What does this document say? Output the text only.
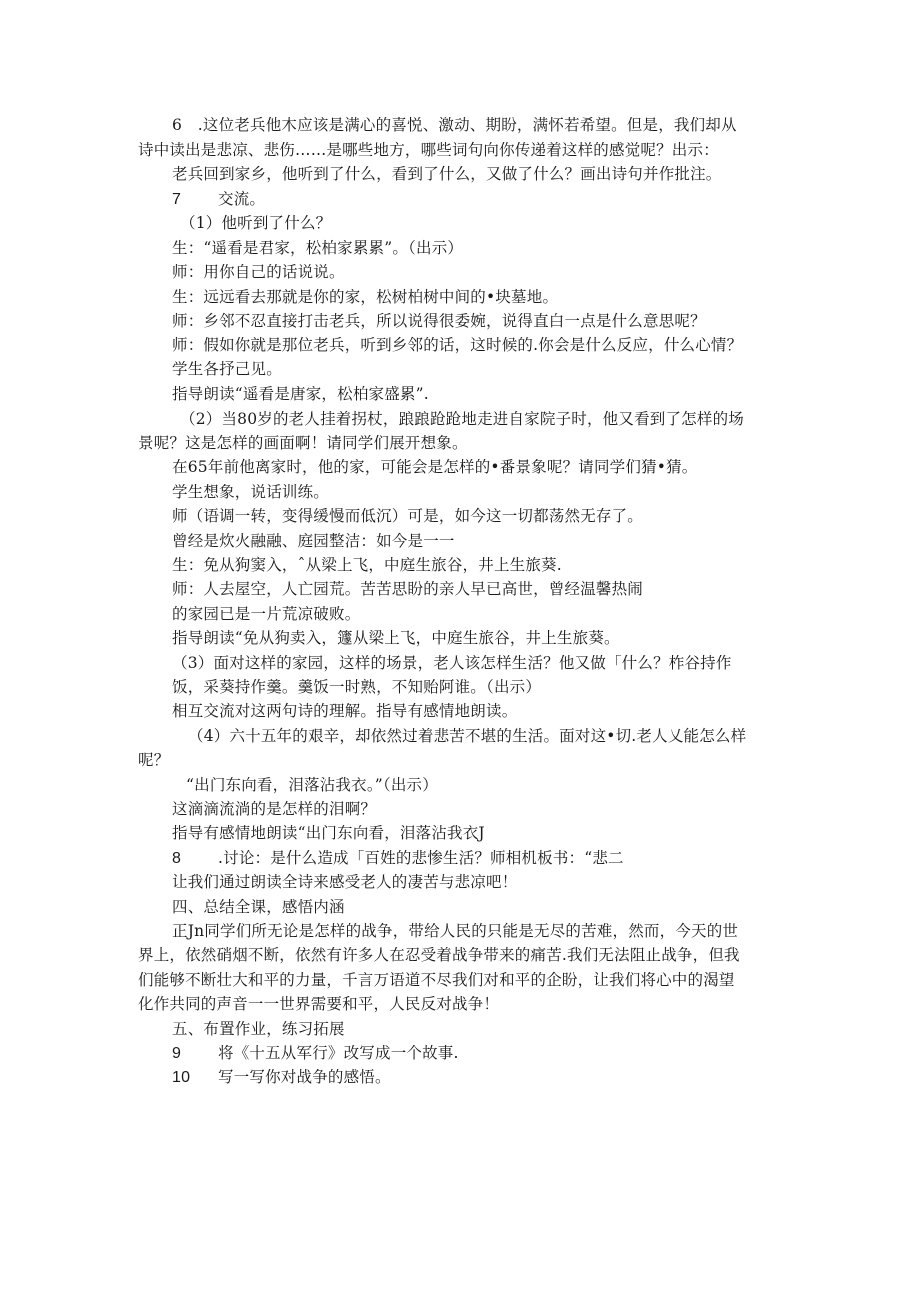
6　.这位老兵他木应该是满心的喜悦、激动、期盼，满怀若希望。但是，我们却从
诗中读出是悲凉、悲伤……是哪些地方，哪些词句向你传递着这样的感觉呢？出示：
老兵回到家乡，他听到了什么，看到了什么，又做了什么？画出诗句并作批注。
7 交流。
（1）他听到了什么？
生：“遥看是君家，松柏家累累”。（出示）
师：用你自己的话说说。
生：远远看去那就是你的家，松树柏树中间的•块墓地。
师：乡邻不忍直接打击老兵，所以说得很委婉，说得直白一点是什么意思呢？
师：假如你就是那位老兵，听到乡邻的话，这时候的.你会是什么反应，什么心情？
学生各抒己见。
指导朗读“遥看是唐家，松柏家盛累”.
（2）当80岁的老人挂着拐杖，踉踉跄跄地走进自家院子时，他又看到了怎样的场
景呢？这是怎样的画面啊！请同学们展开想象。
在65年前他离家时，他的家，可能会是怎样的•番景象呢？请同学们猜•猜。
学生想象，说话训练。
师（语调一转，变得缓慢而低沉）可是，如今这一切都荡然无存了。
曾经是炊火融融、庭园整洁：如今是一一
生：免从狗窦入，ˆ从梁上飞，中庭生旅谷，井上生旅葵.
师：人去屋空，人亡园荒。苦苦思盼的亲人早已高世，曾经温馨热闹
的家园已是一片荒凉破败。
指导朗读“免从狗卖入，籧从梁上飞，中庭生旅谷，井上生旅葵。
（3）面对这样的家园，这样的场景，老人该怎样生活？他又做「什么？柞谷持作
饭，采葵持作羹。羹饭一时熟，不知贻阿谁。（出示）
相互交流对这两句诗的理解。指导有感情地朗读。
（4）六十五年的艰辛，却依然过着悲苦不堪的生活。面对这•切.老人乂能怎么样
呢？
“出门东向看，泪落沾我衣。”（出示）
这滴滴流淌的是怎样的泪啊？
指导有感情地朗读“出门东向看，泪落沾我衣J
8 .讨论：是什么造成「百姓的悲惨生活？师相机板书：“悲二
让我们通过朗读全诗来感受老人的凄苦与悲凉吧！
四、总结全课，感悟内涵
正Jn同学们所无论是怎样的战争，带给人民的只能是无尽的苦难，然而，今天的世
界上，依然硝烟不断，依然有许多人在忍受着战争带来的痛苦.我们无法阻止战争，但我
们能够不断壮大和平的力量，千言万语道不尽我们对和平的企盼，让我们将心中的渴望
化作共同的声音一一世界需要和平，人民反对战争！
五、布置作业，练习拓展
9 将《十五从军行》改写成一个故事.
10 写一写你对战争的感悟。
